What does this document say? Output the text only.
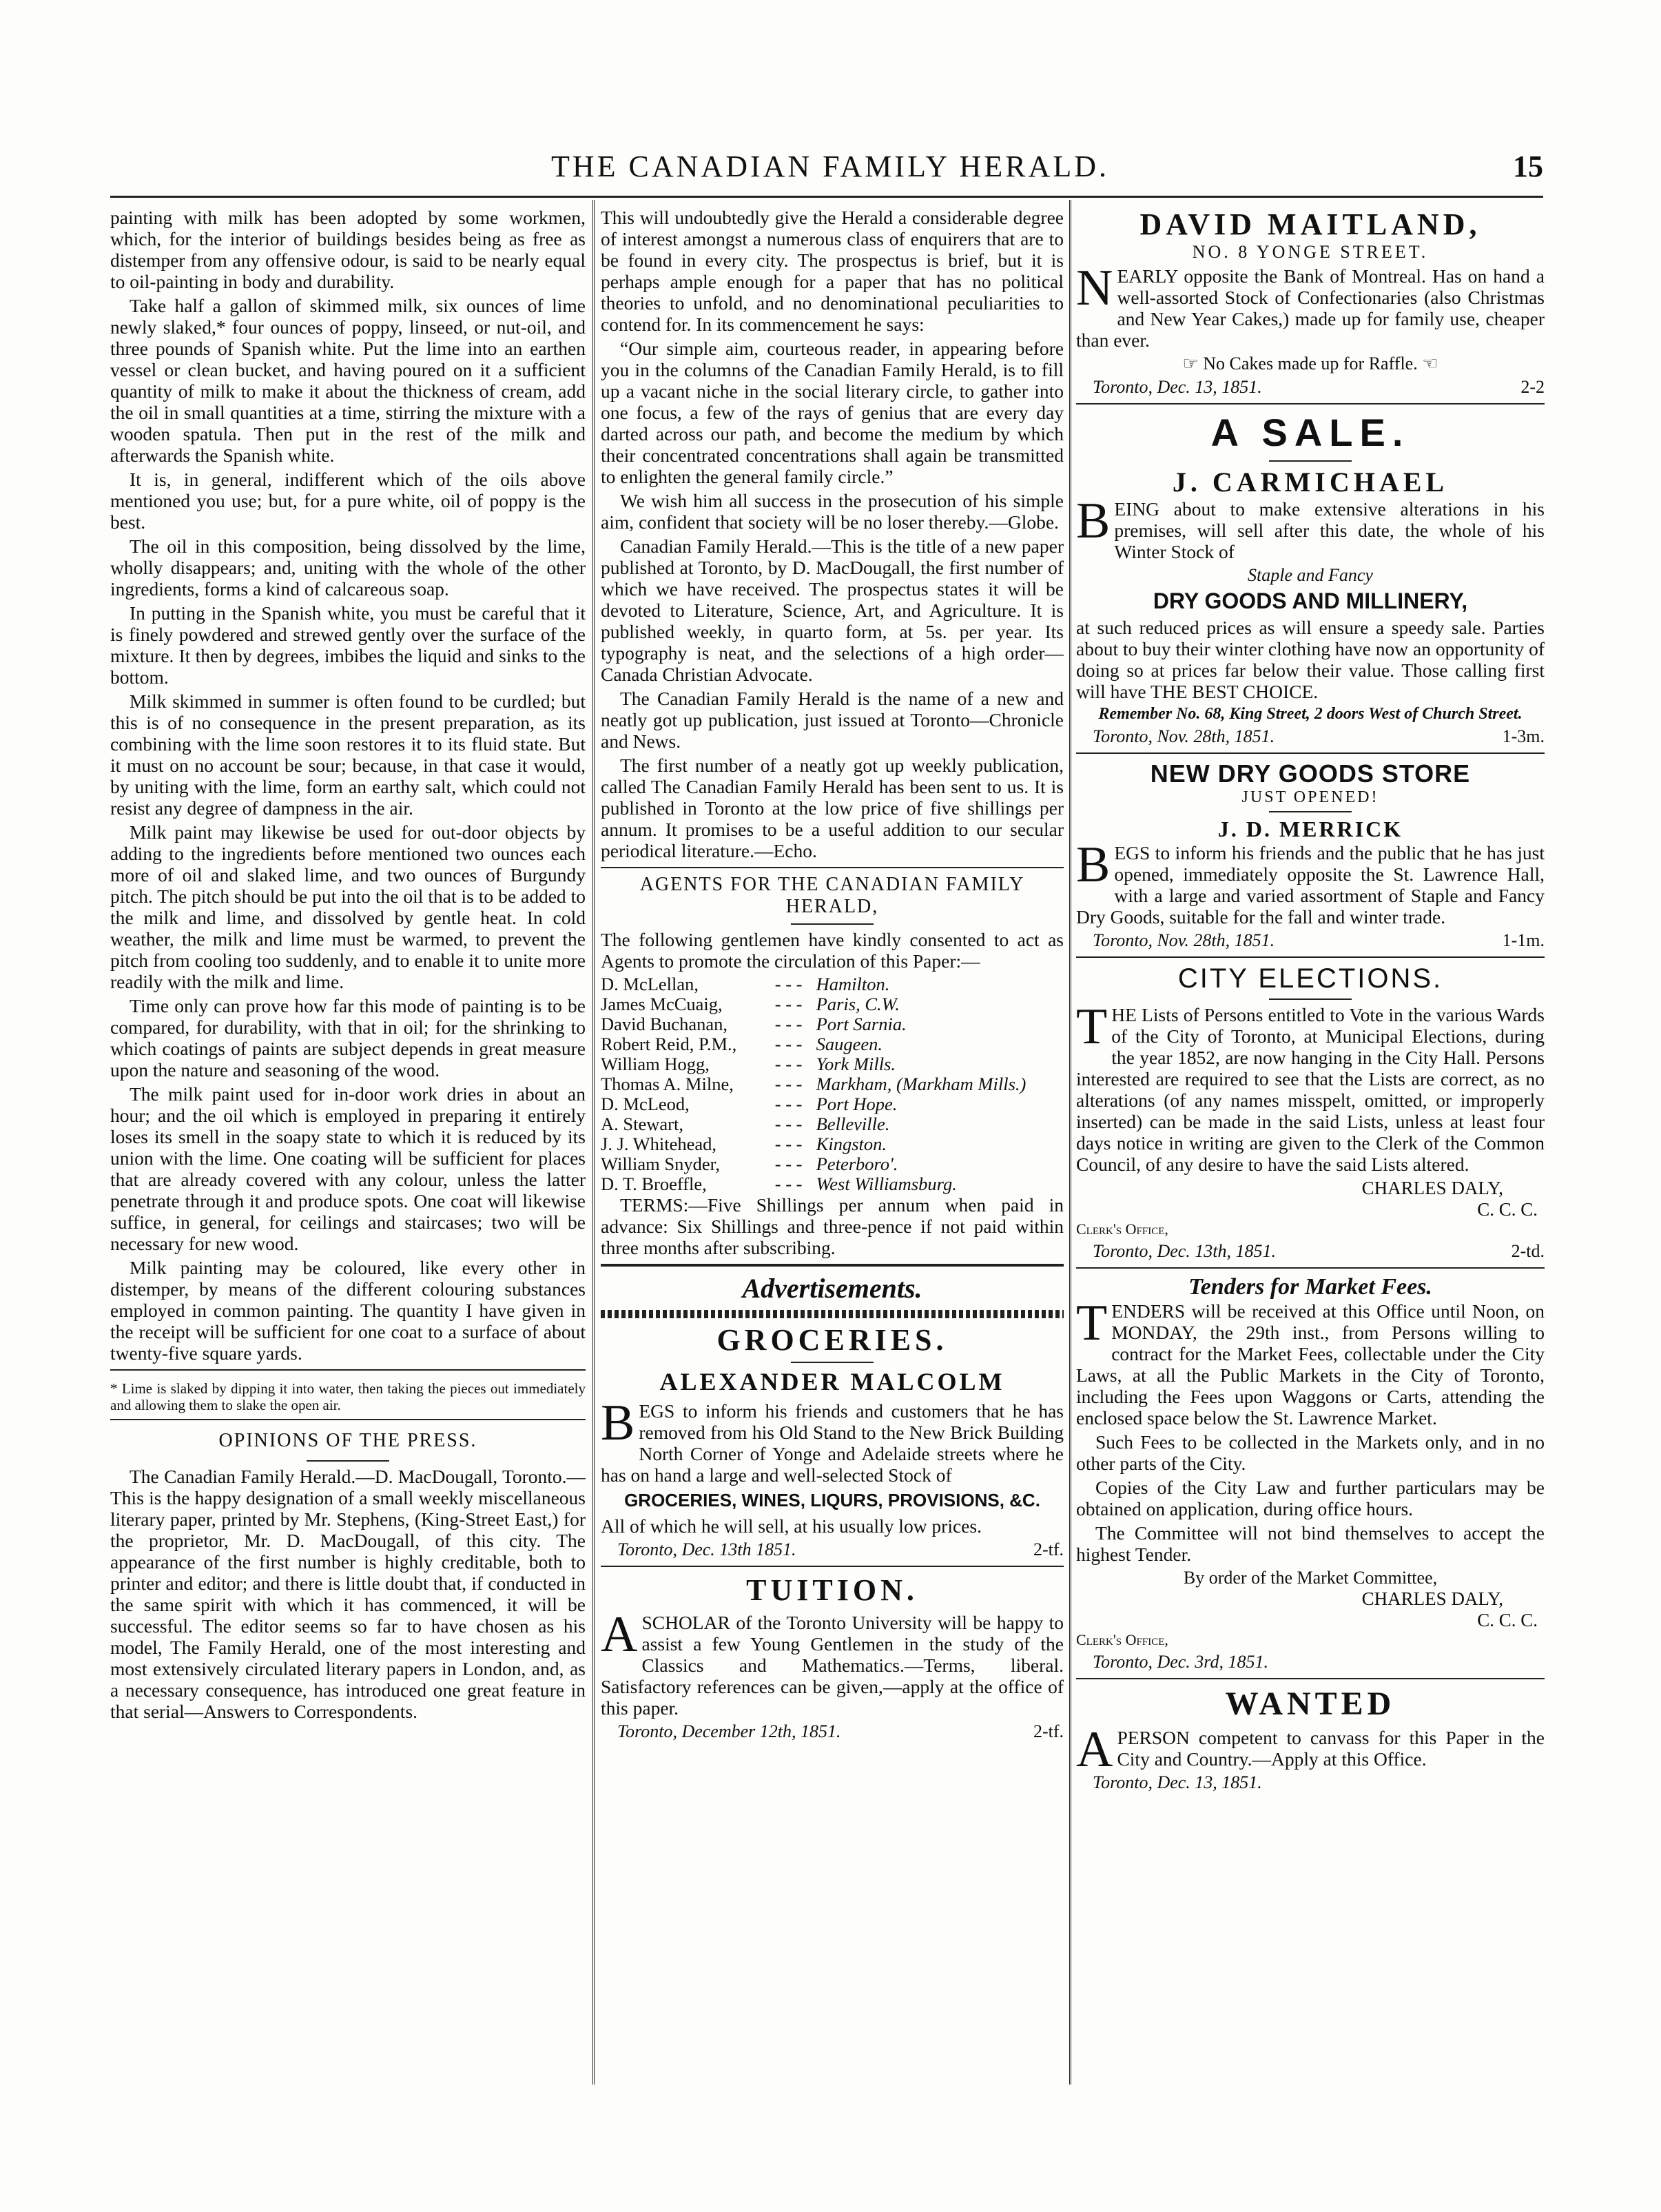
THE CANADIAN FAMILY HERALD.	15

painting with milk has been adopted by some workmen, which, for the interior of buildings besides being as free as distemper from any offensive odour, is said to be nearly equal to oil-painting in body and durability.

Take half a gallon of skimmed milk, six ounces of lime newly slaked,* four ounces of poppy, linseed, or nut-oil, and three pounds of Spanish white. Put the lime into an earthen vessel or clean bucket, and having poured on it a sufficient quantity of milk to make it about the thickness of cream, add the oil in small quantities at a time, stirring the mixture with a wooden spatula. Then put in the rest of the milk and afterwards the Spanish white.

It is, in general, indifferent which of the oils above mentioned you use; but, for a pure white, oil of poppy is the best.

The oil in this composition, being dissolved by the lime, wholly disappears; and, uniting with the whole of the other ingredients, forms a kind of calcareous soap.

In putting in the Spanish white, you must be careful that it is finely powdered and strewed gently over the surface of the mixture. It then by degrees, imbibes the liquid and sinks to the bottom.

Milk skimmed in summer is often found to be curdled; but this is of no consequence in the present preparation, as its combining with the lime soon restores it to its fluid state. But it must on no account be sour; because, in that case it would, by uniting with the lime, form an earthy salt, which could not resist any degree of dampness in the air.

Milk paint may likewise be used for out-door objects by adding to the ingredients before mentioned two ounces each more of oil and slaked lime, and two ounces of Burgundy pitch. The pitch should be put into the oil that is to be added to the milk and lime, and dissolved by gentle heat. In cold weather, the milk and lime must be warmed, to prevent the pitch from cooling too suddenly, and to enable it to unite more readily with the milk and lime.

Time only can prove how far this mode of painting is to be compared, for durability, with that in oil; for the shrinking to which coatings of paints are subject depends in great measure upon the nature and seasoning of the wood.

The milk paint used for in-door work dries in about an hour; and the oil which is employed in preparing it entirely loses its smell in the soapy state to which it is reduced by its union with the lime. One coating will be sufficient for places that are already covered with any colour, unless the latter penetrate through it and produce spots. One coat will likewise suffice, in general, for ceilings and staircases; two will be necessary for new wood.

Milk painting may be coloured, like every other in distemper, by means of the different colouring substances employed in common painting. The quantity I have given in the receipt will be sufficient for one coat to a surface of about twenty-five square yards.

* Lime is slaked by dipping it into water, then taking the pieces out immediately and allowing them to slake the open air.
OPINIONS OF THE PRESS.

The Canadian Family Herald.—D. MacDougall, Toronto.—This is the happy designation of a small weekly miscellaneous literary paper, printed by Mr. Stephens, (King-Street East,) for the proprietor, Mr. D. MacDougall, of this city. The appearance of the first number is highly creditable, both to printer and editor; and there is little doubt that, if conducted in the same spirit with which it has commenced, it will be successful. The editor seems so far to have chosen as his model, The Family Herald, one of the most interesting and most extensively circulated literary papers in London, and, as a necessary consequence, has introduced one great feature in that serial—Answers to Correspondents.

This will undoubtedly give the Herald a considerable degree of interest amongst a numerous class of enquirers that are to be found in every city. The prospectus is brief, but it is perhaps ample enough for a paper that has no political theories to unfold, and no denominational peculiarities to contend for. In its commencement he says:

“Our simple aim, courteous reader, in appearing before you in the columns of the Canadian Family Herald, is to fill up a vacant niche in the social literary circle, to gather into one focus, a few of the rays of genius that are every day darted across our path, and become the medium by which their concentrated concentrations shall again be transmitted to enlighten the general family circle.”

We wish him all success in the prosecution of his simple aim, confident that society will be no loser thereby.—Globe.

Canadian Family Herald.—This is the title of a new paper published at Toronto, by D. MacDougall, the first number of which we have received. The prospectus states it will be devoted to Literature, Science, Art, and Agriculture. It is published weekly, in quarto form, at 5s. per year. Its typography is neat, and the selections of a high order—Canada Christian Advocate.

The Canadian Family Herald is the name of a new and neatly got up publication, just issued at Toronto—Chronicle and News.

The first number of a neatly got up weekly publication, called The Canadian Family Herald has been sent to us. It is published in Toronto at the low price of five shillings per annum. It promises to be a useful addition to our secular periodical literature.—Echo.

AGENTS FOR THE CANADIAN FAMILY HERALD,

The following gentlemen have kindly consented to act as Agents to promote the circulation of this Paper:—

D. McLellan,	- - -	Hamilton.
James McCuaig,	- - -	Paris, C.W.
David Buchanan,	- - -	Port Sarnia.
Robert Reid, P.M.,	- - -	Saugeen.
William Hogg,	- - -	York Mills.
Thomas A. Milne,	- - -	Markham, (Markham Mills.)
D. McLeod,	- - -	Port Hope.
A. Stewart,	- - -	Belleville.
J. J. Whitehead,	- - -	Kingston.
William Snyder,	- - -	Peterboro'.
D. T. Broeffle,	- - -	West Williamsburg.

TERMS:—Five Shillings per annum when paid in advance: Six Shillings and three-pence if not paid within three months after subscribing.

Advertisements.
GROCERIES.
ALEXANDER MALCOLM

BEGS to inform his friends and customers that he has removed from his Old Stand to the New Brick Building North Corner of Yonge and Adelaide streets where he has on hand a large and well-selected Stock of

GROCERIES, WINES, LIQURS, PROVISIONS, &C.

All of which he will sell, at his usually low prices.

Toronto, Dec. 13th 1851.	2-tf.
TUITION.

ASCHOLAR of the Toronto University will be happy to assist a few Young Gentlemen in the study of the Classics and Mathematics.—Terms, liberal. Satisfactory references can be given,—apply at the office of this paper.

Toronto, December 12th, 1851.	2-tf.
DAVID MAITLAND,
NO. 8 YONGE STREET.

NEARLY opposite the Bank of Montreal. Has on hand a well-assorted Stock of Confectionaries (also Christmas and New Year Cakes,) made up for family use, cheaper than ever.

☞ No Cakes made up for Raffle. ☜
Toronto, Dec. 13, 1851.	2-2
A SALE.
J. CARMICHAEL

BEING about to make extensive alterations in his premises, will sell after this date, the whole of his Winter Stock of

Staple and Fancy
DRY GOODS AND MILLINERY,

at such reduced prices as will ensure a speedy sale. Parties about to buy their winter clothing have now an opportunity of doing so at prices far below their value. Those calling first will have THE BEST CHOICE.

Remember No. 68, King Street, 2 doors West of Church Street.
Toronto, Nov. 28th, 1851.	1-3m.
NEW DRY GOODS STORE
JUST OPENED!
J. D. MERRICK

BEGS to inform his friends and the public that he has just opened, immediately opposite the St. Lawrence Hall, with a large and varied assortment of Staple and Fancy Dry Goods, suitable for the fall and winter trade.

Toronto, Nov. 28th, 1851.	1-1m.
CITY ELECTIONS.

THE Lists of Persons entitled to Vote in the various Wards of the City of Toronto, at Municipal Elections, during the year 1852, are now hanging in the City Hall. Persons interested are required to see that the Lists are correct, as no alterations (of any names misspelt, omitted, or improperly inserted) can be made in the said Lists, unless at least four days notice in writing are given to the Clerk of the Common Council, of any desire to have the said Lists altered.

CHARLES DALY,
C. C. C.
Clerk's Office,
Toronto, Dec. 13th, 1851.	2-td.
Tenders for Market Fees.

TENDERS will be received at this Office until Noon, on MONDAY, the 29th inst., from Persons willing to contract for the Market Fees, collectable under the City Laws, at all the Public Markets in the City of Toronto, including the Fees upon Waggons or Carts, attending the enclosed space below the St. Lawrence Market.

Such Fees to be collected in the Markets only, and in no other parts of the City.

Copies of the City Law and further particulars may be obtained on application, during office hours.

The Committee will not bind themselves to accept the highest Tender.

By order of the Market Committee,
CHARLES DALY,
C. C. C.
Clerk's Office,
Toronto, Dec. 3rd, 1851.
WANTED

APERSON competent to canvass for this Paper in the City and Country.—Apply at this Office.

Toronto, Dec. 13, 1851.
